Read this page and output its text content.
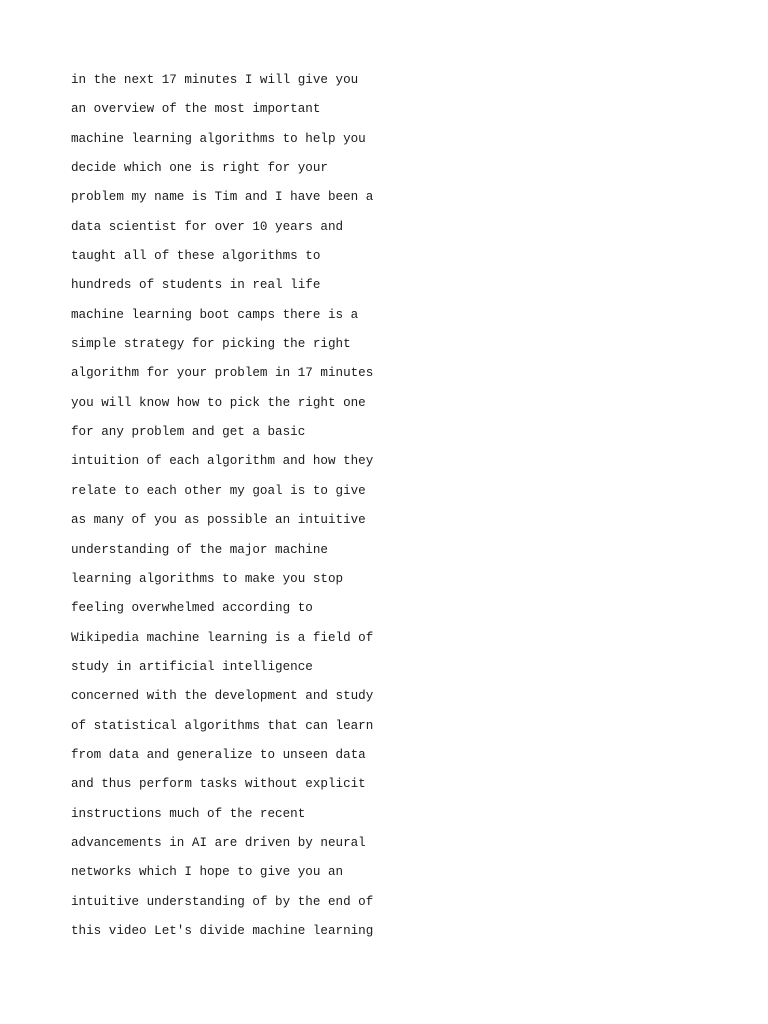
in the next 17 minutes I will give you
an overview of the most important
machine learning algorithms to help you
decide which one is right for your
problem my name is Tim and I have been a
data scientist for over 10 years and
taught all of these algorithms to
hundreds of students in real life
machine learning boot camps there is a
simple strategy for picking the right
algorithm for your problem in 17 minutes
you will know how to pick the right one
for any problem and get a basic
intuition of each algorithm and how they
relate to each other my goal is to give
as many of you as possible an intuitive
understanding of the major machine
learning algorithms to make you stop
feeling overwhelmed according to
Wikipedia machine learning is a field of
study in artificial intelligence
concerned with the development and study
of statistical algorithms that can learn
from data and generalize to unseen data
and thus perform tasks without explicit
instructions much of the recent
advancements in AI are driven by neural
networks which I hope to give you an
intuitive understanding of by the end of
this video Let's divide machine learning
